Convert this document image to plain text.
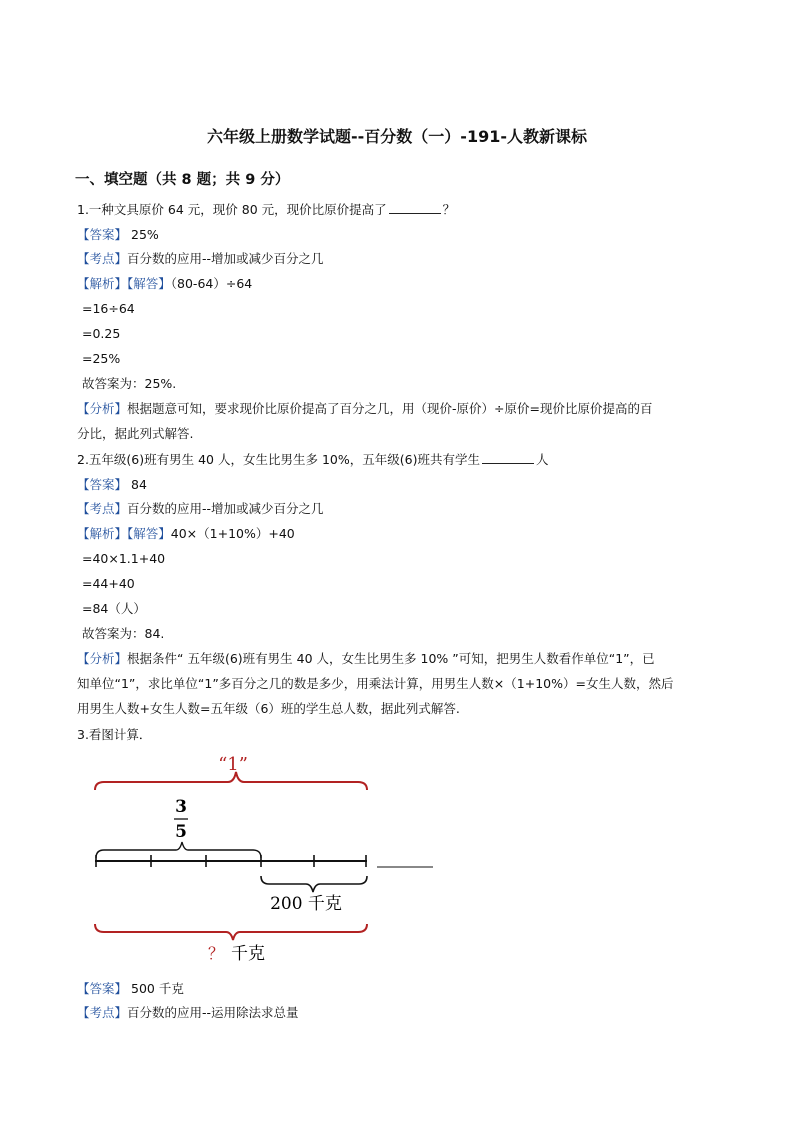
六年级上册数学试题--百分数（一）-191-人教新课标
一、填空题（共 8 题；共 9 分）
1.一种文具原价 64 元，现价 80 元，现价比原价提高了	？
【答案】 25%
【考点】百分数的应用--增加或减少百分之几
【解析】【解答】（80-64）÷64
=16÷64
=0.25
=25%
故答案为：25%.
【分析】根据题意可知，要求现价比原价提高了百分之几，用（现价-原价）÷原价=现价比原价提高的百
分比，据此列式解答.
2.五年级(6)班有男生 40 人，女生比男生多 10%，五年级(6)班共有学生	人
【答案】 84
【考点】百分数的应用--增加或减少百分之几
【解析】【解答】40×（1+10%）+40
=40×1.1+40
=44+40
=84（人）
故答案为：84.
【分析】根据条件“ 五年级(6)班有男生 40 人，女生比男生多 10% ”可知，把男生人数看作单位“1”，已
知单位“1”，求比单位“1”多百分之几的数是多少，用乘法计算，用男生人数×（1+10%）=女生人数，然后
用男生人数+女生人数=五年级（6）班的学生总人数，据此列式解答.
3.看图计算．
“1”
3
5
200 千克
？ 千克
【答案】 500 千克
【考点】百分数的应用--运用除法求总量
